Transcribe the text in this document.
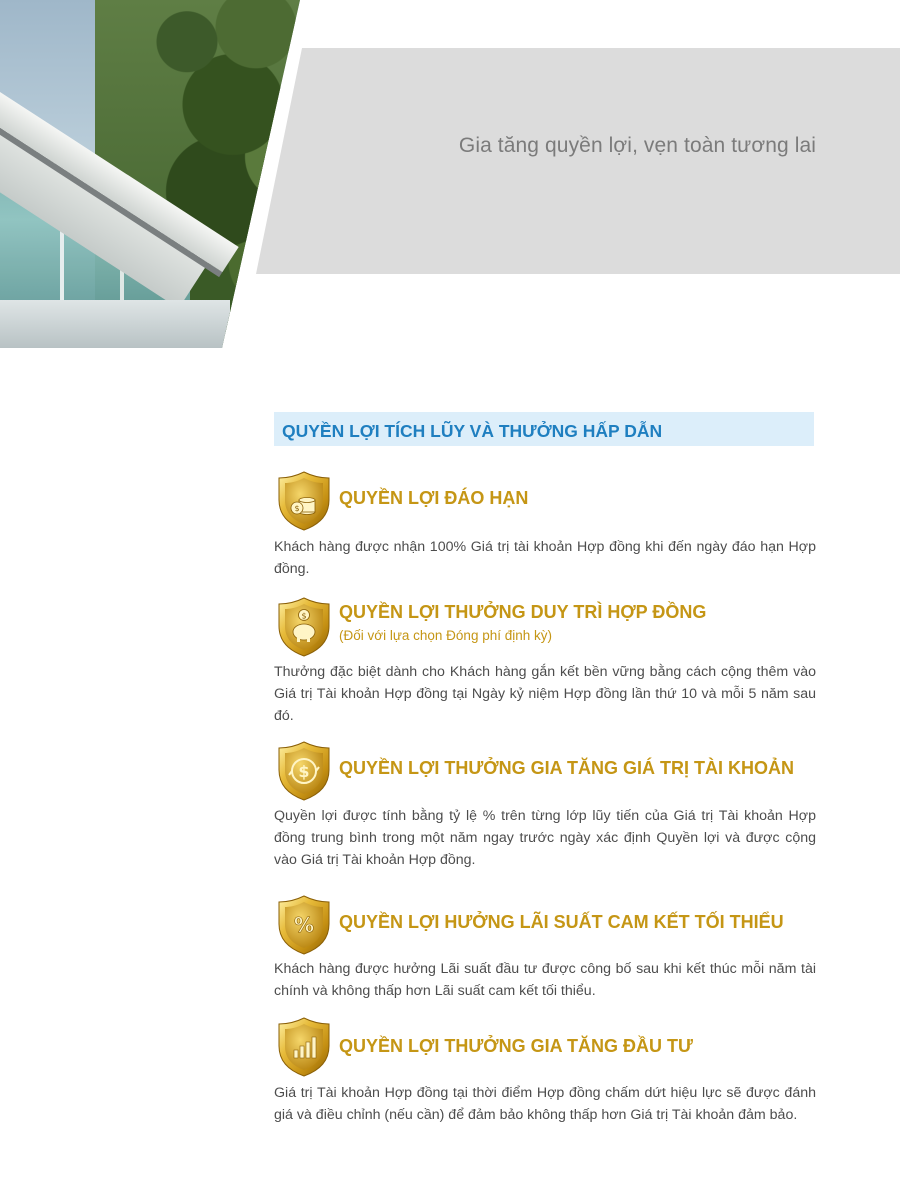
Gia tăng quyền lợi, vẹn toàn tương lai
QUYỀN LỢI TÍCH LŨY VÀ THƯỞNG HẤP DẪN
$
QUYỀN LỢI ĐÁO HẠN
Khách hàng được nhận 100% Giá trị tài khoản Hợp đồng khi đến ngày đáo hạn Hợp đồng.
$ QUYỀN LỢI THƯỞNG DUY TRÌ HỢP ĐỒNG
(Đối với lựa chọn Đóng phí định kỳ)
Thưởng đặc biệt dành cho Khách hàng gắn kết bền vững bằng cách cộng thêm vào Giá trị Tài khoản Hợp đồng tại Ngày kỷ niệm Hợp đồng lần thứ 10 và mỗi 5 năm sau đó.
$ QUYỀN LỢI THƯỞNG GIA TĂNG GIÁ TRỊ TÀI KHOẢN
Quyền lợi được tính bằng tỷ lệ % trên từng lớp lũy tiến của Giá trị Tài khoản Hợp đồng trung bình trong một năm ngay trước ngày xác định Quyền lợi và được cộng vào Giá trị Tài khoản Hợp đồng.
% QUYỀN LỢI HƯỞNG LÃI SUẤT CAM KẾT TỐI THIỂU
Khách hàng được hưởng Lãi suất đầu tư được công bố sau khi kết thúc mỗi năm tài chính và không thấp hơn Lãi suất cam kết tối thiểu.
QUYỀN LỢI THƯỞNG GIA TĂNG ĐẦU TƯ
Giá trị Tài khoản Hợp đồng tại thời điểm Hợp đồng chấm dứt hiệu lực sẽ được đánh giá và điều chỉnh (nếu cần) để đảm bảo không thấp hơn Giá trị Tài khoản đảm bảo.
